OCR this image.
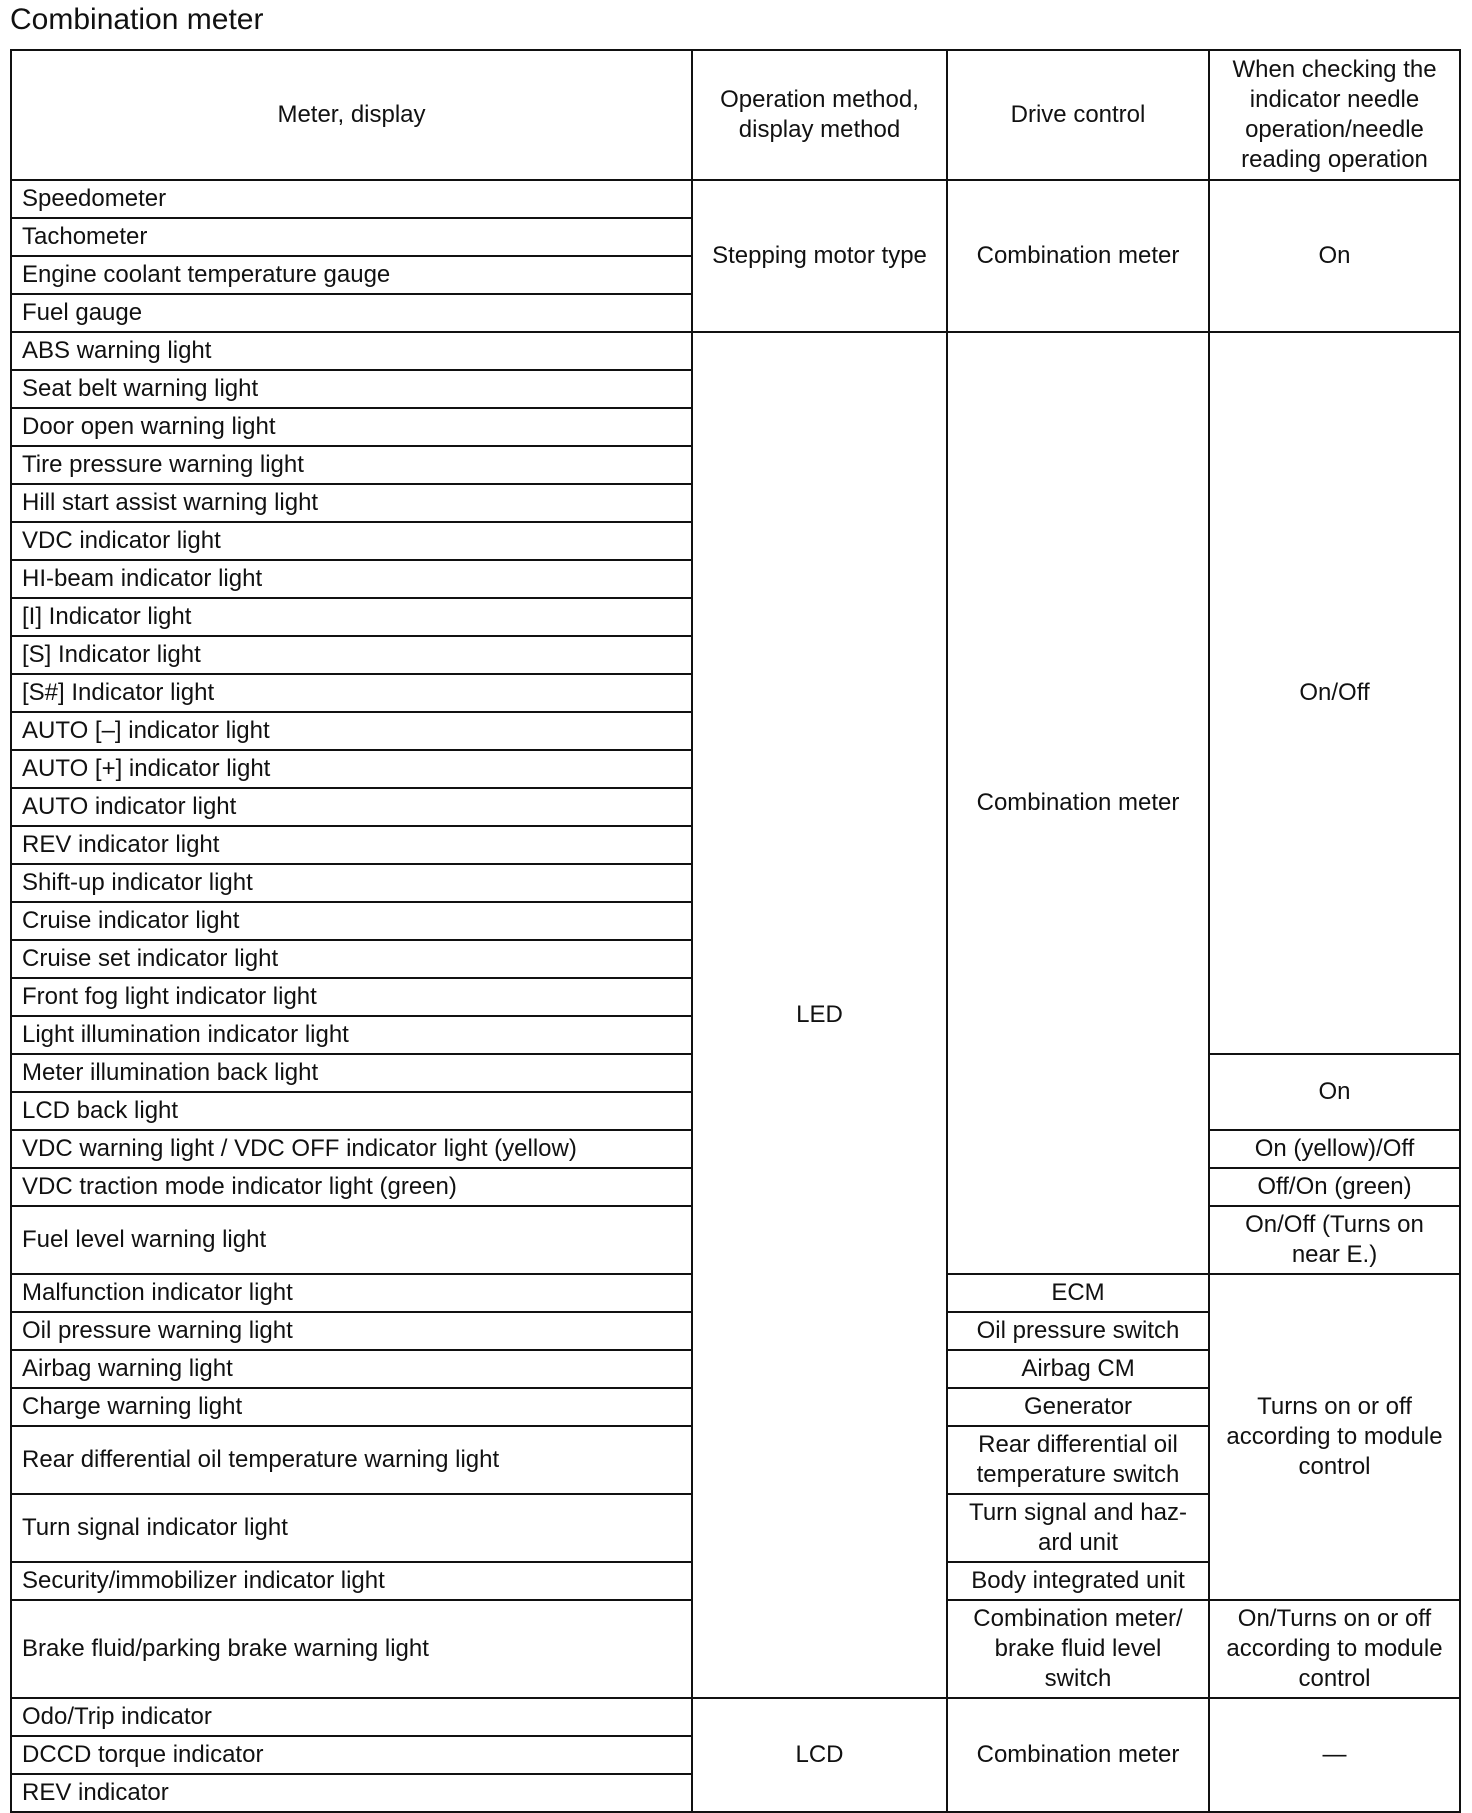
Combination meter
Meter, display	Operation method, display method	Drive control	When checking the indicator needle operation/needle reading operation
Speedometer	Stepping motor type	Combination meter	On
Tachometer			
Engine coolant temperature gauge			
Fuel gauge			
ABS warning light	LED	Combination meter	On/Off
Seat belt warning light			
Door open warning light			
Tire pressure warning light			
Hill start assist warning light			
VDC indicator light			
HI-beam indicator light			
[I] Indicator light			
[S] Indicator light			
[S#] Indicator light			
AUTO [–] indicator light			
AUTO [+] indicator light			
AUTO indicator light			
REV indicator light			
Shift-up indicator light			
Cruise indicator light			
Cruise set indicator light			
Front fog light indicator light			
Light illumination indicator light			
Meter illumination back light			On
LCD back light			
VDC warning light / VDC OFF indicator light (yellow)			On (yellow)/Off
VDC traction mode indicator light (green)			Off/On (green)
Fuel level warning light			On/Off (Turns on near E.)
Malfunction indicator light		ECM	Turns on or off according to module control
Oil pressure warning light		Oil pressure switch	
Airbag warning light		Airbag CM	
Charge warning light		Generator	
Rear differential oil temperature warning light		Rear differential oil temperature switch	
Turn signal indicator light		Turn signal and haz-ard unit	
Security/immobilizer indicator light		Body integrated unit	
Brake fluid/parking brake warning light		Combination meter/ brake fluid level switch	On/Turns on or off according to module control
Odo/Trip indicator	LCD	Combination meter	—
DCCD torque indicator			
REV indicator			
